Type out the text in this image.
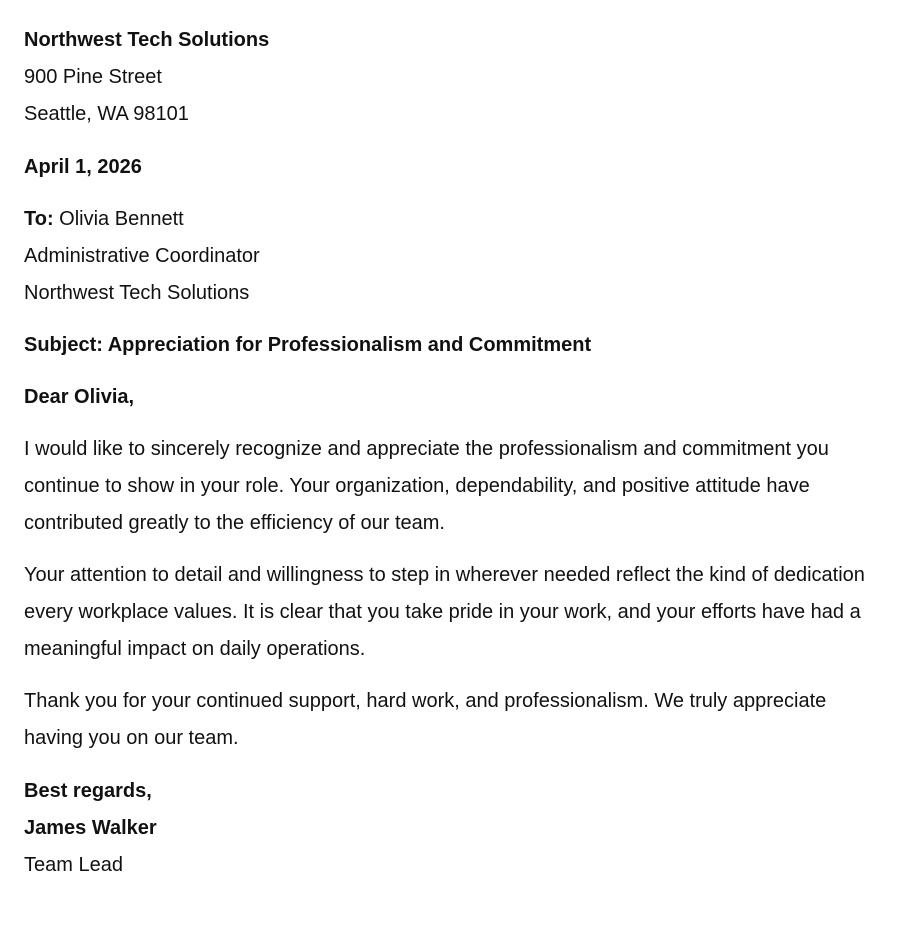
Northwest Tech Solutions
900 Pine Street
Seattle, WA 98101
April 1, 2026
To: Olivia Bennett
Administrative Coordinator
Northwest Tech Solutions
Subject: Appreciation for Professionalism and Commitment
Dear Olivia,

I would like to sincerely recognize and appreciate the professionalism and commitment you continue to show in your role. Your organization, dependability, and positive attitude have contributed greatly to the efficiency of our team.

Your attention to detail and willingness to step in wherever needed reflect the kind of dedication every workplace values. It is clear that you take pride in your work, and your efforts have had a meaningful impact on daily operations.

Thank you for your continued support, hard work, and professionalism. We truly appreciate having you on our team.

Best regards,
James Walker
Team Lead
